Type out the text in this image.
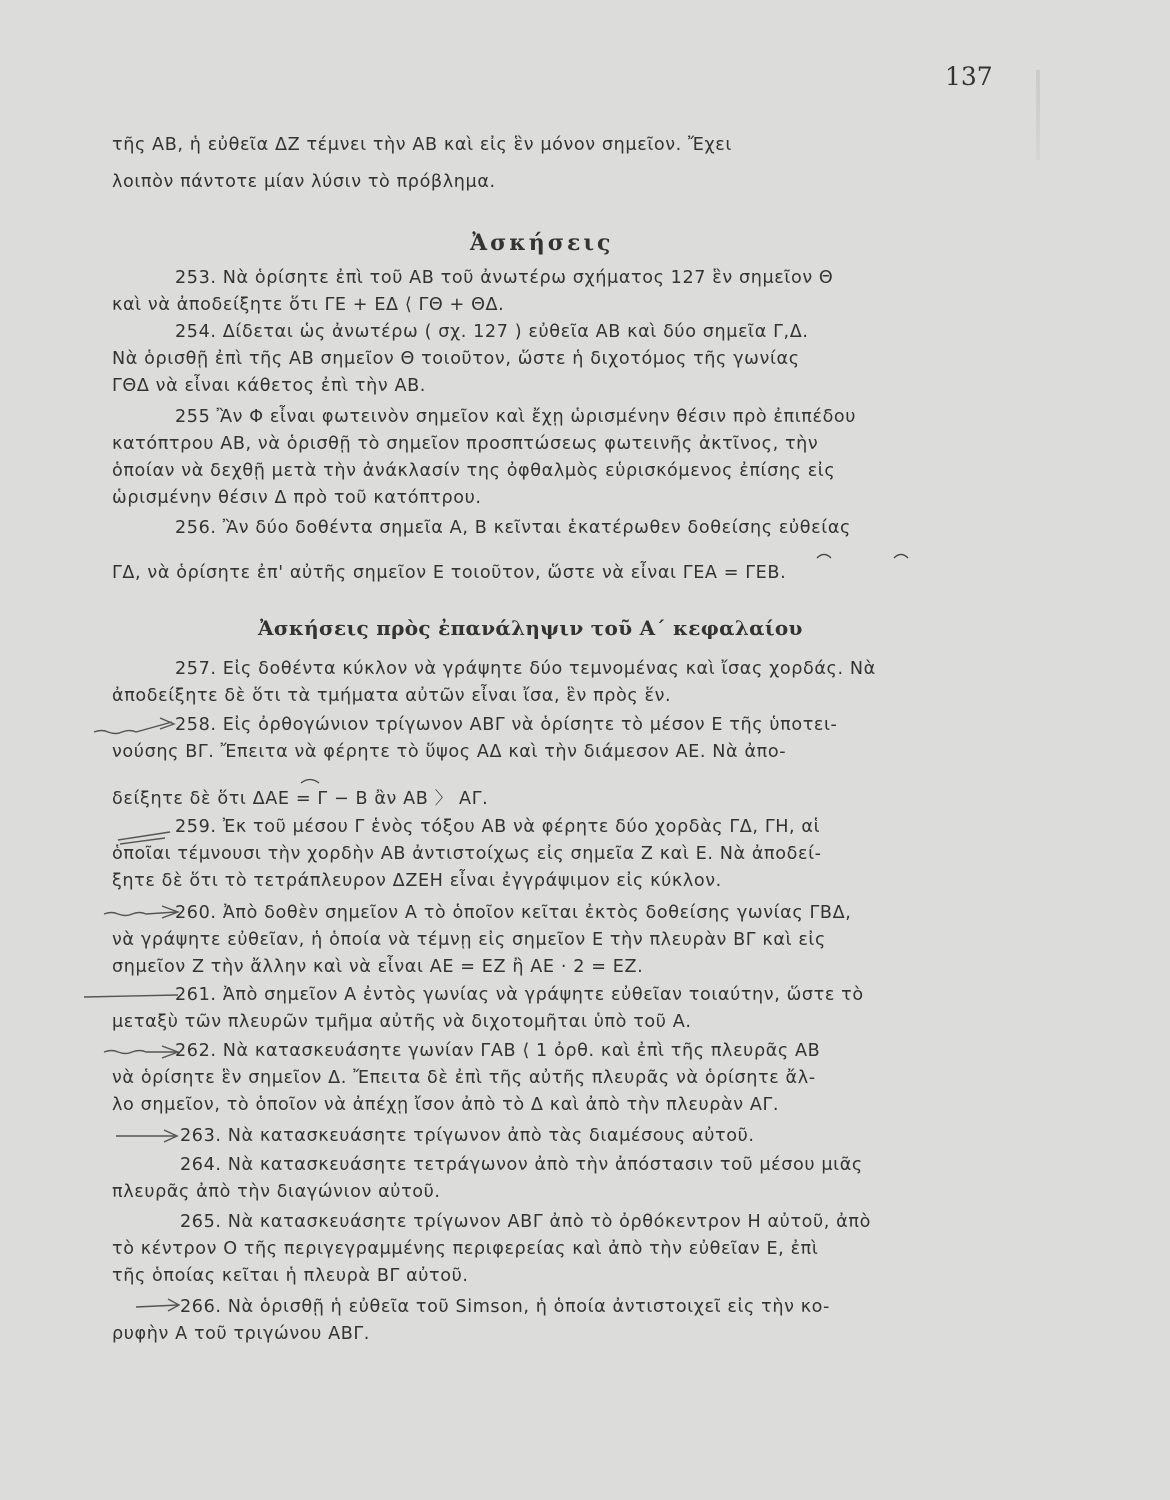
137
τῆς ΑΒ, ἡ εὐθεῖα ΔΖ τέμνει τὴν ΑΒ καὶ εἰς ἓν μόνον σημεῖον. Ἔχει
λοιπὸν πάντοτε μίαν λύσιν τὸ πρόβλημα.
Ἀσκήσεις
253. Νὰ ὁρίσητε ἐπὶ τοῦ ΑΒ τοῦ ἀνωτέρω σχήματος 127 ἓν σημεῖον Θ
καὶ νὰ ἀποδείξητε ὅτι ΓΕ + ΕΔ ⟨ ΓΘ + ΘΔ.
254. Δίδεται ὡς ἀνωτέρω ( σχ. 127 ) εὐθεῖα ΑΒ καὶ δύο σημεῖα Γ,Δ.
Νὰ ὁρισθῇ ἐπὶ τῆς ΑΒ σημεῖον Θ τοιοῦτον, ὥστε ἡ διχοτόμος τῆς γωνίας
ΓΘΔ νὰ εἶναι κάθετος ἐπὶ τὴν ΑΒ.
255 Ἂν Φ εἶναι φωτεινὸν σημεῖον καὶ ἔχῃ ὡρισμένην θέσιν πρὸ ἐπιπέδου
κατόπτρου ΑΒ, νὰ ὁρισθῇ τὸ σημεῖον προσπτώσεως φωτεινῆς ἀκτῖνος, τὴν
ὁποίαν νὰ δεχθῇ μετὰ τὴν ἀνάκλασίν της ὀφθαλμὸς εὑρισκόμενος ἐπίσης εἰς
ὡρισμένην θέσιν Δ πρὸ τοῦ κατόπτρου.
256. Ἂν δύο δοθέντα σημεῖα Α, Β κεῖνται ἑκατέρωθεν δοθείσης εὐθείας
ΓΔ, νὰ ὁρίσητε ἐπ' αὐτῆς σημεῖον Ε τοιοῦτον, ὥστε νὰ εἶναι ΓΕΑ = ΓΕΒ.
Ἀσκήσεις πρὸς ἐπανάληψιν τοῦ Α΄ κεφαλαίου
257. Εἰς δοθέντα κύκλον νὰ γράψητε δύο τεμνομένας καὶ ἴσας χορδάς. Νὰ
ἀποδείξητε δὲ ὅτι τὰ τμήματα αὐτῶν εἶναι ἴσα, ἓν πρὸς ἕν.
258. Εἰς ὀρθογώνιον τρίγωνον ΑΒΓ νὰ ὁρίσητε τὸ μέσον Ε τῆς ὑποτει-
νούσης ΒΓ. Ἔπειτα νὰ φέρητε τὸ ὕψος ΑΔ καὶ τὴν διάμεσον ΑΕ. Νὰ ἀπο-
δείξητε δὲ ὅτι ΔΑΕ = Γ − Β ἂν ΑΒ 〉 ΑΓ.
259. Ἐκ τοῦ μέσου Γ ἑνὸς τόξου ΑΒ νὰ φέρητε δύο χορδὰς ΓΔ, ΓΗ, αἱ
ὁποῖαι τέμνουσι τὴν χορδὴν ΑΒ ἀντιστοίχως εἰς σημεῖα Ζ καὶ Ε. Νὰ ἀποδεί-
ξητε δὲ ὅτι τὸ τετράπλευρον ΔΖΕΗ εἶναι ἐγγράψιμον εἰς κύκλον.
260. Ἀπὸ δοθὲν σημεῖον Α τὸ ὁποῖον κεῖται ἐκτὸς δοθείσης γωνίας ΓΒΔ,
νὰ γράψητε εὐθεῖαν, ἡ ὁποία νὰ τέμνῃ εἰς σημεῖον Ε τὴν πλευρὰν ΒΓ καὶ εἰς
σημεῖον Ζ τὴν ἄλλην καὶ νὰ εἶναι ΑΕ = ΕΖ ἢ ΑΕ · 2 = ΕΖ.
261. Ἀπὸ σημεῖον Α ἐντὸς γωνίας νὰ γράψητε εὐθεῖαν τοιαύτην, ὥστε τὸ
μεταξὺ τῶν πλευρῶν τμῆμα αὐτῆς νὰ διχοτομῆται ὑπὸ τοῦ Α.
262. Νὰ κατασκευάσητε γωνίαν ΓΑΒ ⟨ 1 ὀρθ. καὶ ἐπὶ τῆς πλευρᾶς ΑΒ
νὰ ὁρίσητε ἓν σημεῖον Δ. Ἔπειτα δὲ ἐπὶ τῆς αὐτῆς πλευρᾶς νὰ ὁρίσητε ἄλ-
λο σημεῖον, τὸ ὁποῖον νὰ ἀπέχῃ ἴσον ἀπὸ τὸ Δ καὶ ἀπὸ τὴν πλευρὰν ΑΓ.
263. Νὰ κατασκευάσητε τρίγωνον ἀπὸ τὰς διαμέσους αὐτοῦ.
264. Νὰ κατασκευάσητε τετράγωνον ἀπὸ τὴν ἀπόστασιν τοῦ μέσου μιᾶς
πλευρᾶς ἀπὸ τὴν διαγώνιον αὐτοῦ.
265. Νὰ κατασκευάσητε τρίγωνον ΑΒΓ ἀπὸ τὸ ὀρθόκεντρον Η αὐτοῦ, ἀπὸ
τὸ κέντρον Ο τῆς περιγεγραμμένης περιφερείας καὶ ἀπὸ τὴν εὐθεῖαν Ε, ἐπὶ
τῆς ὁποίας κεῖται ἡ πλευρὰ ΒΓ αὐτοῦ.
266. Νὰ ὁρισθῇ ἡ εὐθεῖα τοῦ Simson, ἡ ὁποία ἀντιστοιχεῖ εἰς τὴν κο-
ρυφὴν Α τοῦ τριγώνου ΑΒΓ.
